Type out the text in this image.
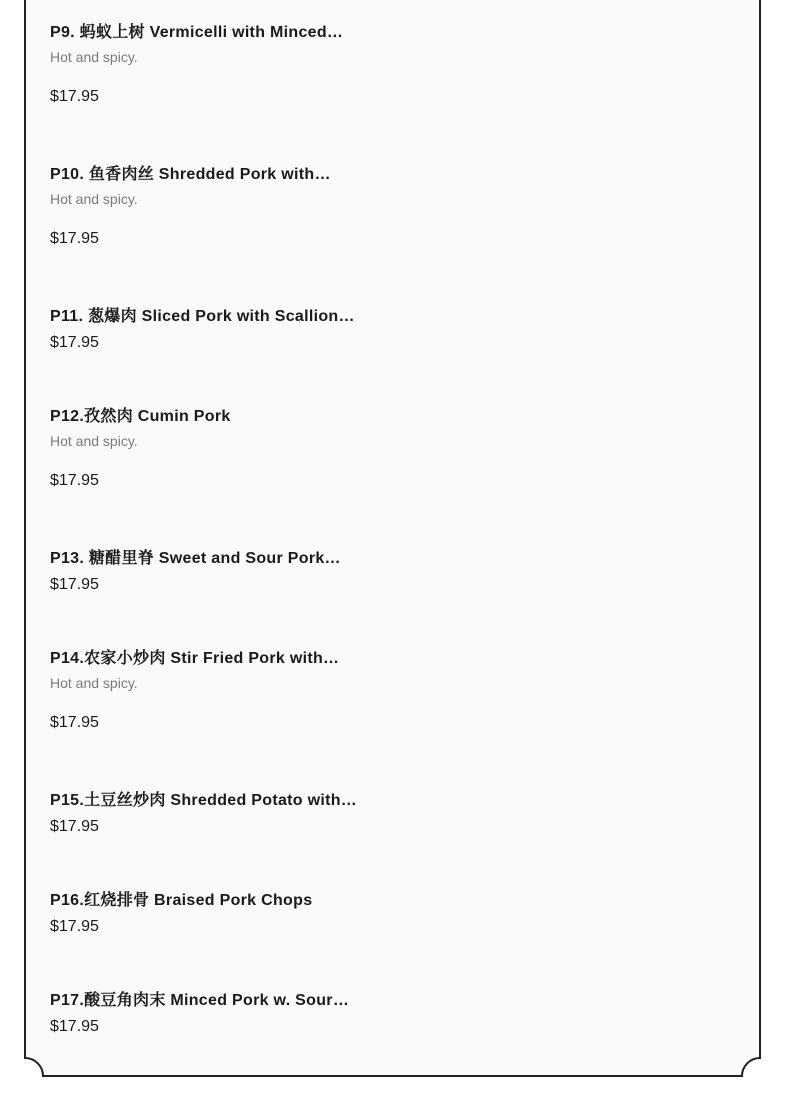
P9. 蚂蚁上树 Vermicelli with Minced…
Hot and spicy.
$17.95
P10. 鱼香肉丝 Shredded Pork with…
Hot and spicy.
$17.95
P11. 葱爆肉 Sliced Pork with Scallion…
$17.95
P12.孜然肉 Cumin Pork
Hot and spicy.
$17.95
P13. 糖醋里脊 Sweet and Sour Pork…
$17.95
P14.农家小炒肉 Stir Fried Pork with…
Hot and spicy.
$17.95
P15.土豆丝炒肉 Shredded Potato with…
$17.95
P16.红烧排骨 Braised Pork Chops
$17.95
P17.酸豆角肉末 Minced Pork w. Sour…
$17.95
